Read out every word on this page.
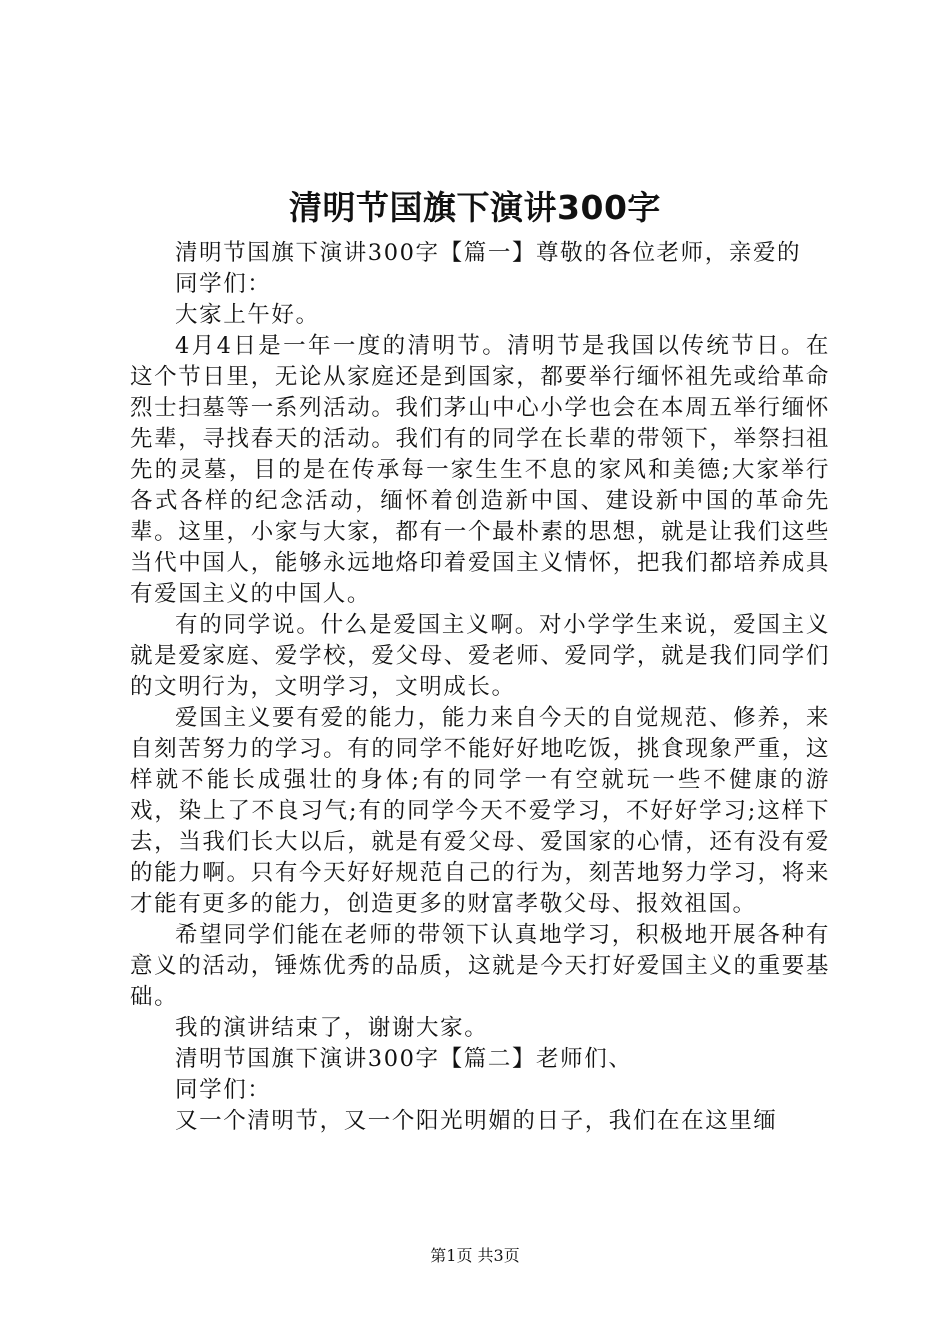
清明节国旗下演讲300字

清明节国旗下演讲300字【篇一】尊敬的各位老师，亲爱的

同学们：

大家上午好。

4月4日是一年一度的清明节。清明节是我国以传统节日。在这个节日里，无论从家庭还是到国家，都要举行缅怀祖先或给革命烈士扫墓等一系列活动。我们茅山中心小学也会在本周五举行缅怀先辈，寻找春天的活动。我们有的同学在长辈的带领下，举祭扫祖先的灵墓，目的是在传承每一家生生不息的家风和美德;大家举行各式各样的纪念活动，缅怀着创造新中国、建设新中国的革命先辈。这里，小家与大家，都有一个最朴素的思想，就是让我们这些当代中国人，能够永远地烙印着爱国主义情怀，把我们都培养成具有爱国主义的中国人。

有的同学说。什么是爱国主义啊。对小学学生来说，爱国主义就是爱家庭、爱学校，爱父母、爱老师、爱同学，就是我们同学们的文明行为，文明学习，文明成长。

爱国主义要有爱的能力，能力来自今天的自觉规范、修养，来自刻苦努力的学习。有的同学不能好好地吃饭，挑食现象严重，这样就不能长成强壮的身体;有的同学一有空就玩一些不健康的游戏，染上了不良习气;有的同学今天不爱学习，不好好学习;这样下去，当我们长大以后，就是有爱父母、爱国家的心情，还有没有爱的能力啊。只有今天好好规范自己的行为，刻苦地努力学习，将来才能有更多的能力，创造更多的财富孝敬父母、报效祖国。

希望同学们能在老师的带领下认真地学习，积极地开展各种有意义的活动，锤炼优秀的品质，这就是今天打好爱国主义的重要基础。

我的演讲结束了，谢谢大家。

清明节国旗下演讲300字【篇二】老师们、

同学们：

又一个清明节，又一个阳光明媚的日子，我们在在这里缅

第1页 共3页
